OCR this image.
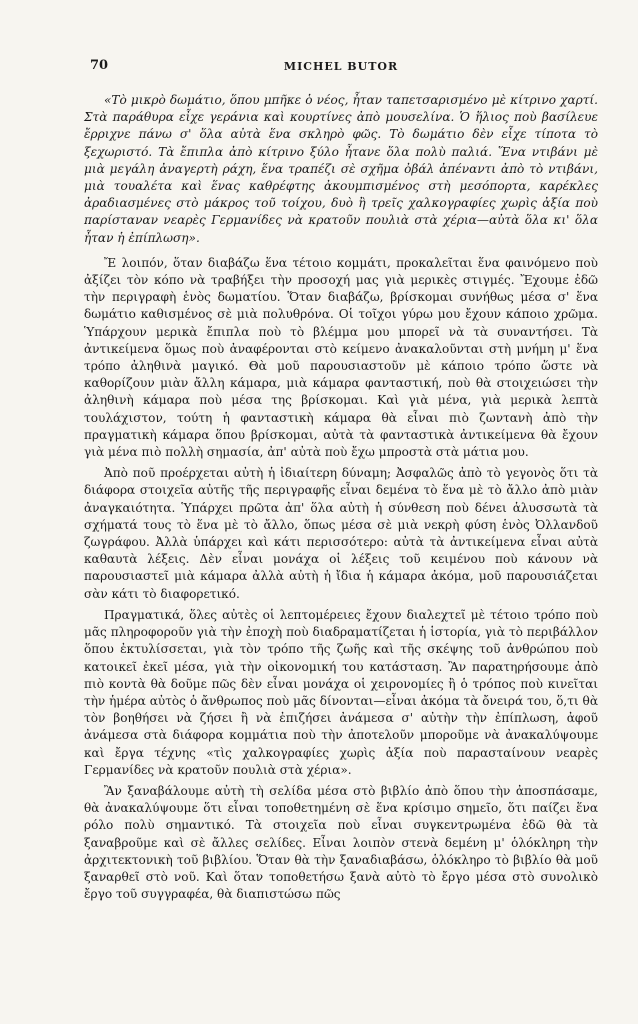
70	MICHEL BUTOR

«Τὸ μικρὸ δωμάτιο, ὅπου μπῆκε ὁ νέος, ἦταν ταπετσαρισμένο μὲ κίτρινο χαρτί. Στὰ παράθυρα εἶχε γεράνια καὶ κουρτίνες ἀπὸ μουσελίνα. Ὁ ἥλιος ποὺ βασίλευε ἔρριχνε πάνω σ' ὅλα αὐτὰ ἕνα σκληρὸ φῶς. Τὸ δωμάτιο δὲν εἶχε τίποτα τὸ ξεχωριστό. Τὰ ἔπιπλα ἀπὸ κίτρινο ξύλο ἦτανε ὅλα πολὺ παλιά. Ἕνα ντιβάνι μὲ μιὰ μεγάλη ἀναγερτὴ ράχη, ἕνα τραπέζι σὲ σχῆμα ὀβάλ ἀπέναντι ἀπὸ τὸ ντιβάνι, μιὰ τουαλέτα καὶ ἕνας καθρέφτης ἀκουμπισμένος στὴ μεσόπορτα, καρέκλες ἀραδιασμένες στὸ μάκρος τοῦ τοίχου, δυὸ ἢ τρεῖς χαλκογραφίες χωρὶς ἀξία ποὺ παρίσταναν νεαρὲς Γερμανίδες νὰ κρατοῦν πουλιὰ στὰ χέρια—αὐτὰ ὅλα κι' ὅλα ἦταν ἡ ἐπίπλωση».

Ἔ λοιπόν, ὅταν διαβάζω ἕνα τέτοιο κομμάτι, προκαλεῖται ἕνα φαινόμενο ποὺ ἀξίζει τὸν κόπο νὰ τραβήξει τὴν προσοχή μας γιὰ μερικὲς στιγμές. Ἔχουμε ἐδῶ τὴν περιγραφὴ ἑνὸς δωματίου. Ὅταν διαβάζω, βρίσκομαι συνήθως μέσα σ' ἕνα δωμάτιο καθισμένος σὲ μιὰ πολυθρόνα. Οἱ τοῖχοι γύρω μου ἔχουν κάποιο χρῶμα. Ὑπάρχουν μερικὰ ἔπιπλα ποὺ τὸ βλέμμα μου μπορεῖ νὰ τὰ συναντήσει. Τὰ ἀντικείμενα ὅμως ποὺ ἀναφέρονται στὸ κείμενο ἀνακαλοῦνται στὴ μνήμη μ' ἕνα τρόπο ἀληθινὰ μαγικό. Θὰ μοῦ παρουσιαστοῦν μὲ κάποιο τρόπο ὥστε νὰ καθορίζουν μιὰν ἄλλη κάμαρα, μιὰ κάμαρα φανταστική, ποὺ θὰ στοιχειώσει τὴν ἀληθινὴ κάμαρα ποὺ μέσα της βρίσκομαι. Καὶ γιὰ μένα, γιὰ μερικὰ λεπτὰ τουλάχιστον, τούτη ἡ φανταστικὴ κάμαρα θὰ εἶναι πιὸ ζωντανὴ ἀπὸ τὴν πραγματικὴ κάμαρα ὅπου βρίσκομαι, αὐτὰ τὰ φανταστικὰ ἀντικείμενα θὰ ἔχουν γιὰ μένα πιὸ πολλὴ σημασία, ἀπ' αὐτὰ ποὺ ἔχω μπροστὰ στὰ μάτια μου.

Ἀπὸ ποῦ προέρχεται αὐτὴ ἡ ἰδιαίτερη δύναμη; Ἀσφαλῶς ἀπὸ τὸ γεγονὸς ὅτι τὰ διάφορα στοιχεῖα αὐτῆς τῆς περιγραφῆς εἶναι δεμένα τὸ ἕνα μὲ τὸ ἄλλο ἀπὸ μιὰν ἀναγκαιότητα. Ὑπάρχει πρῶτα ἀπ' ὅλα αὐτὴ ἡ σύνθεση ποὺ δένει ἁλυσσωτὰ τὰ σχήματά τους τὸ ἕνα μὲ τὸ ἄλλο, ὅπως μέσα σὲ μιὰ νεκρὴ φύση ἑνὸς Ὀλλανδοῦ ζωγράφου. Ἀλλὰ ὑπάρχει καὶ κάτι περισσότερο: αὐτὰ τὰ ἀντικείμενα εἶναι αὐτὰ καθαυτὰ λέξεις. Δὲν εἶναι μονάχα οἱ λέξεις τοῦ κειμένου ποὺ κάνουν νὰ παρουσιαστεῖ μιὰ κάμαρα ἀλλὰ αὐτὴ ἡ ἴδια ἡ κάμαρα ἀκόμα, μοῦ παρουσιάζεται σὰν κάτι τὸ διαφορετικό.

Πραγματικά, ὅλες αὐτὲς οἱ λεπτομέρειες ἔχουν διαλεχτεῖ μὲ τέτοιο τρόπο ποὺ μᾶς πληροφοροῦν γιὰ τὴν ἐποχὴ ποὺ διαδραματίζεται ἡ ἱστορία, γιὰ τὸ περιβάλλον ὅπου ἐκτυλίσσεται, γιὰ τὸν τρόπο τῆς ζωῆς καὶ τῆς σκέψης τοῦ ἀνθρώπου ποὺ κατοικεῖ ἐκεῖ μέσα, γιὰ τὴν οἰκονομική του κατάσταση. Ἂν παρατηρήσουμε ἀπὸ πιὸ κοντὰ θὰ δοῦμε πῶς δὲν εἶναι μονάχα οἱ χειρονομίες ἢ ὁ τρόπος ποὺ κινεῖται τὴν ἡμέρα αὐτὸς ὁ ἄνθρωπος ποὺ μᾶς δίνονται—εἶναι ἀκόμα τὰ ὄνειρά του, ὅ,τι θὰ τὸν βοηθήσει νὰ ζήσει ἢ νὰ ἐπιζήσει ἀνάμεσα σ' αὐτὴν τὴν ἐπίπλωση, ἀφοῦ ἀνάμεσα στὰ διάφορα κομμάτια ποὺ τὴν ἀποτελοῦν μποροῦμε νὰ ἀνακαλύψουμε καὶ ἔργα τέχνης «τὶς χαλκογραφίες χωρὶς ἀξία ποὺ παρασταίνουν νεαρὲς Γερμανίδες νὰ κρατοῦν πουλιὰ στὰ χέρια».

Ἂν ξαναβάλουμε αὐτὴ τὴ σελίδα μέσα στὸ βιβλίο ἀπὸ ὅπου τὴν ἀποσπάσαμε, θὰ ἀνακαλύψουμε ὅτι εἶναι τοποθετημένη σὲ ἕνα κρίσιμο σημεῖο, ὅτι παίζει ἕνα ρόλο πολὺ σημαντικό. Τὰ στοιχεῖα ποὺ εἶναι συγκεντρωμένα ἐδῶ θὰ τὰ ξαναβροῦμε καὶ σὲ ἄλλες σελίδες. Εἶναι λοιπὸν στενὰ δεμένη μ' ὁλόκληρη τὴν ἀρχιτεκτονικὴ τοῦ βιβλίου. Ὅταν θὰ τὴν ξαναδιαβάσω, ὁλόκληρο τὸ βιβλίο θὰ μοῦ ξαναρθεῖ στὸ νοῦ. Καὶ ὅταν τοποθετήσω ξανὰ αὐτὸ τὸ ἔργο μέσα στὸ συνολικὸ ἔργο τοῦ συγγραφέα, θὰ διαπιστώσω πῶς
